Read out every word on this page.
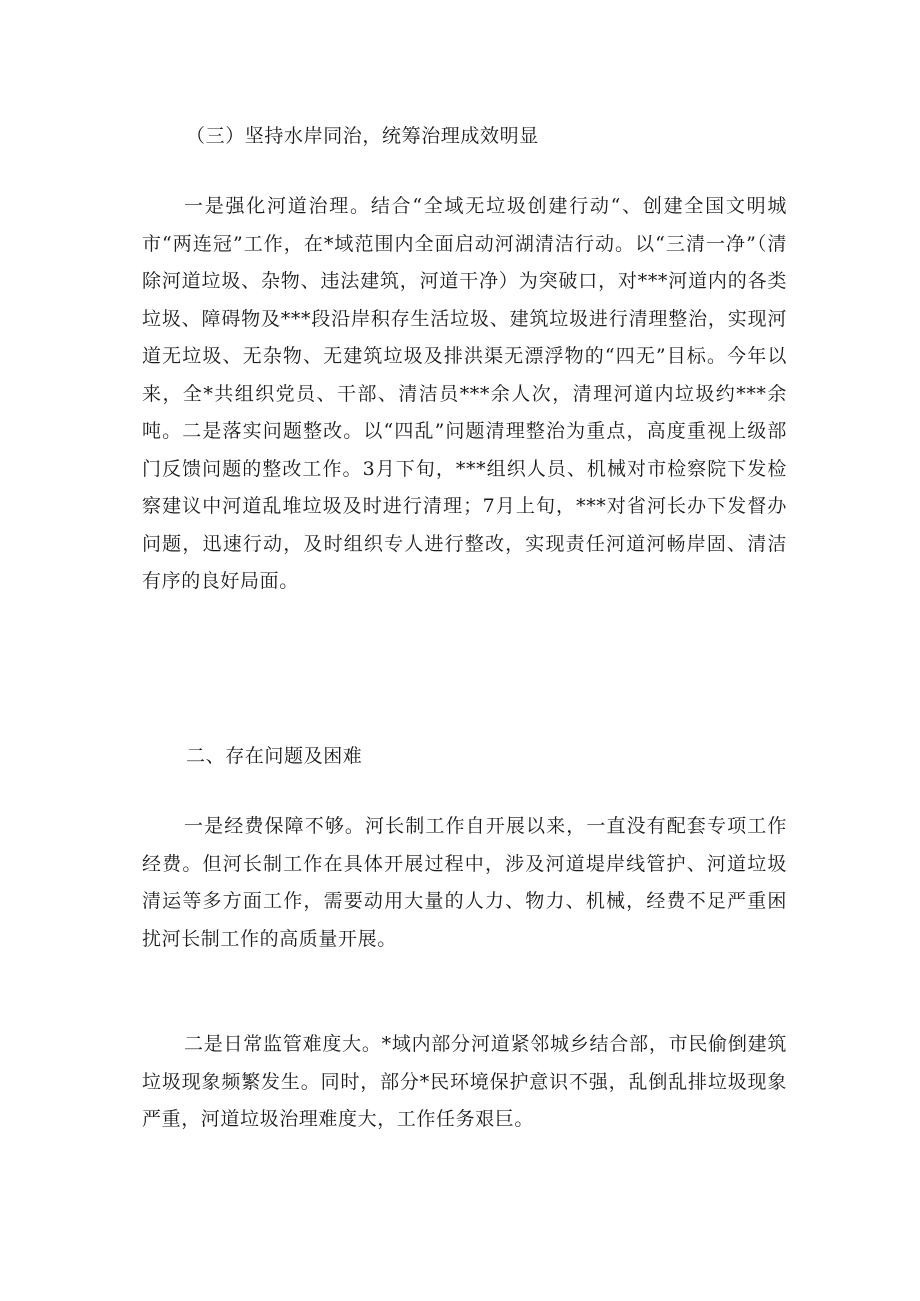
（三）坚持水岸同治，统筹治理成效明显

一是强化河道治理。结合“全域无垃圾创建行动“、创建全国文明城市“两连冠”工作，在*域范围内全面启动河湖清洁行动。以“三清一净”（清除河道垃圾、杂物、违法建筑，河道干净）为突破口，对***河道内的各类垃圾、障碍物及***段沿岸积存生活垃圾、建筑垃圾进行清理整治，实现河道无垃圾、无杂物、无建筑垃圾及排洪渠无漂浮物的“四无”目标。今年以来，全*共组织党员、干部、清洁员***余人次，清理河道内垃圾约***余吨。二是落实问题整改。以“四乱”问题清理整治为重点，高度重视上级部门反馈问题的整改工作。3月下旬，***组织人员、机械对市检察院下发检察建议中河道乱堆垃圾及时进行清理；7月上旬，***对省河长办下发督办问题，迅速行动，及时组织专人进行整改，实现责任河道河畅岸固、清洁有序的良好局面。

二、存在问题及困难

一是经费保障不够。河长制工作自开展以来，一直没有配套专项工作经费。但河长制工作在具体开展过程中，涉及河道堤岸线管护、河道垃圾清运等多方面工作，需要动用大量的人力、物力、机械，经费不足严重困扰河长制工作的高质量开展。

二是日常监管难度大。*域内部分河道紧邻城乡结合部，市民偷倒建筑垃圾现象频繁发生。同时，部分*民环境保护意识不强，乱倒乱排垃圾现象严重，河道垃圾治理难度大，工作任务艰巨。
